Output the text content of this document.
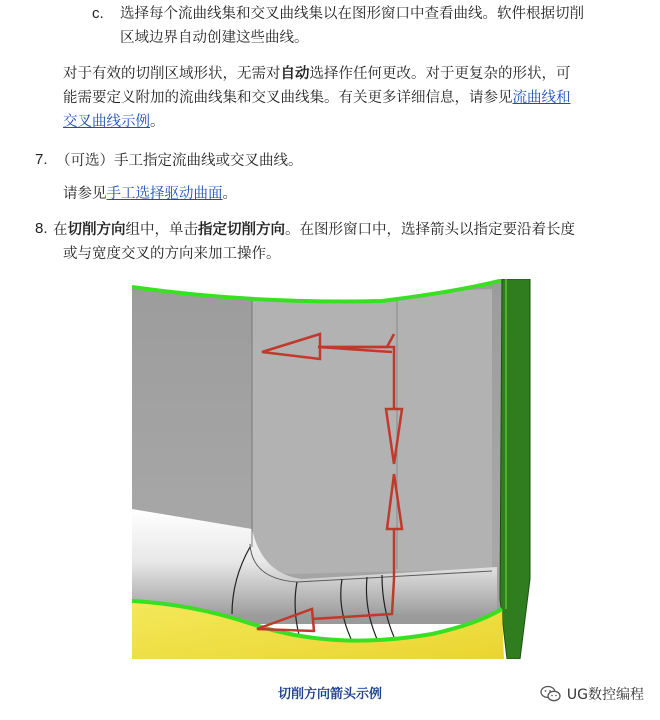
c. 选择每个流曲线集和交叉曲线集以在图形窗口中查看曲线。软件根据切削
区域边界自动创建这些曲线。
对于有效的切削区域形状，无需对自动选择作任何更改。对于更复杂的形状，可
能需要定义附加的流曲线集和交叉曲线集。有关更多详细信息，请参见流曲线和
交叉曲线示例。
7. （可选）手工指定流曲线或交叉曲线。
请参见手工选择驱动曲面。
8. 在切削方向组中，单击指定切削方向。在图形窗口中，选择箭头以指定要沿着长度
或与宽度交叉的方向来加工操作。
切削方向箭头示例	UG数控编程
